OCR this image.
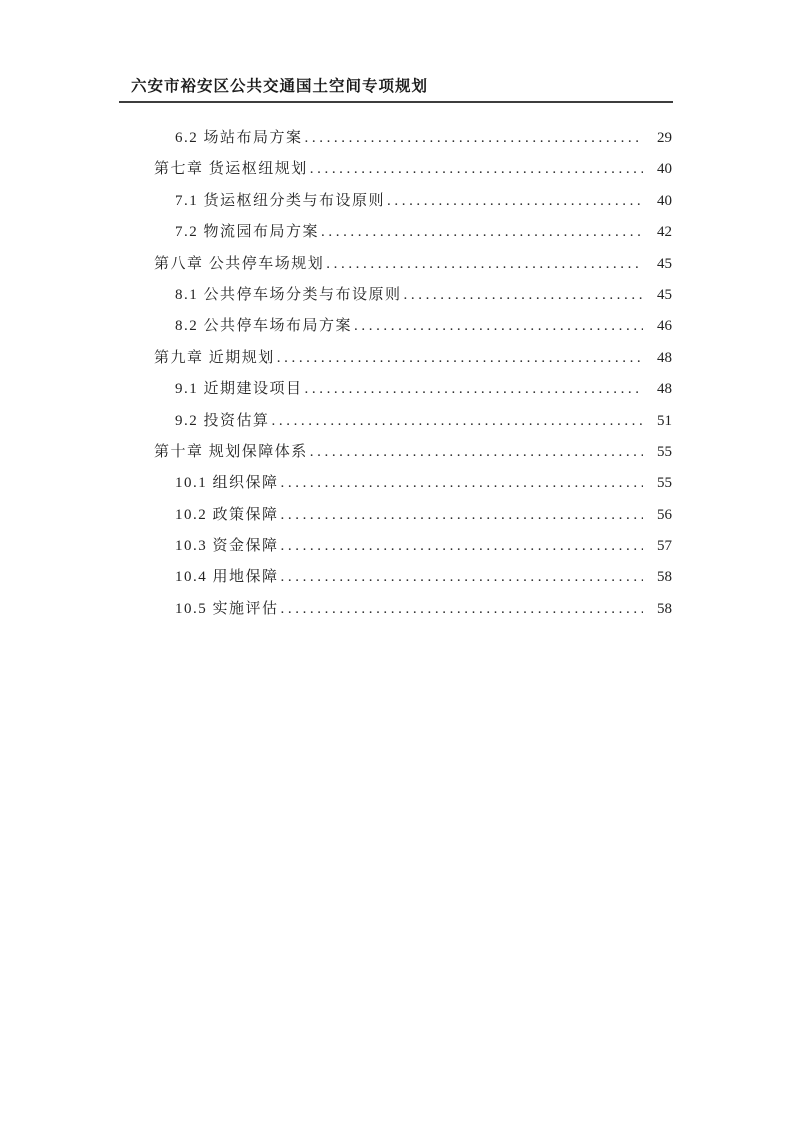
六安市裕安区公共交通国土空间专项规划
6.2 场站布局方案 .....	29
第七章 货运枢纽规划 .....	40
7.1 货运枢纽分类与布设原则 .....	40
7.2 物流园布局方案 .....	42
第八章 公共停车场规划 .....	45
8.1 公共停车场分类与布设原则 .....	45
8.2 公共停车场布局方案 .....	46
第九章 近期规划 .....	48
9.1 近期建设项目 .....	48
9.2 投资估算 .....	51
第十章 规划保障体系 .....	55
10.1 组织保障 .....	55
10.2 政策保障 .....	56
10.3 资金保障 .....	57
10.4 用地保障 .....	58
10.5 实施评估 .....	58
